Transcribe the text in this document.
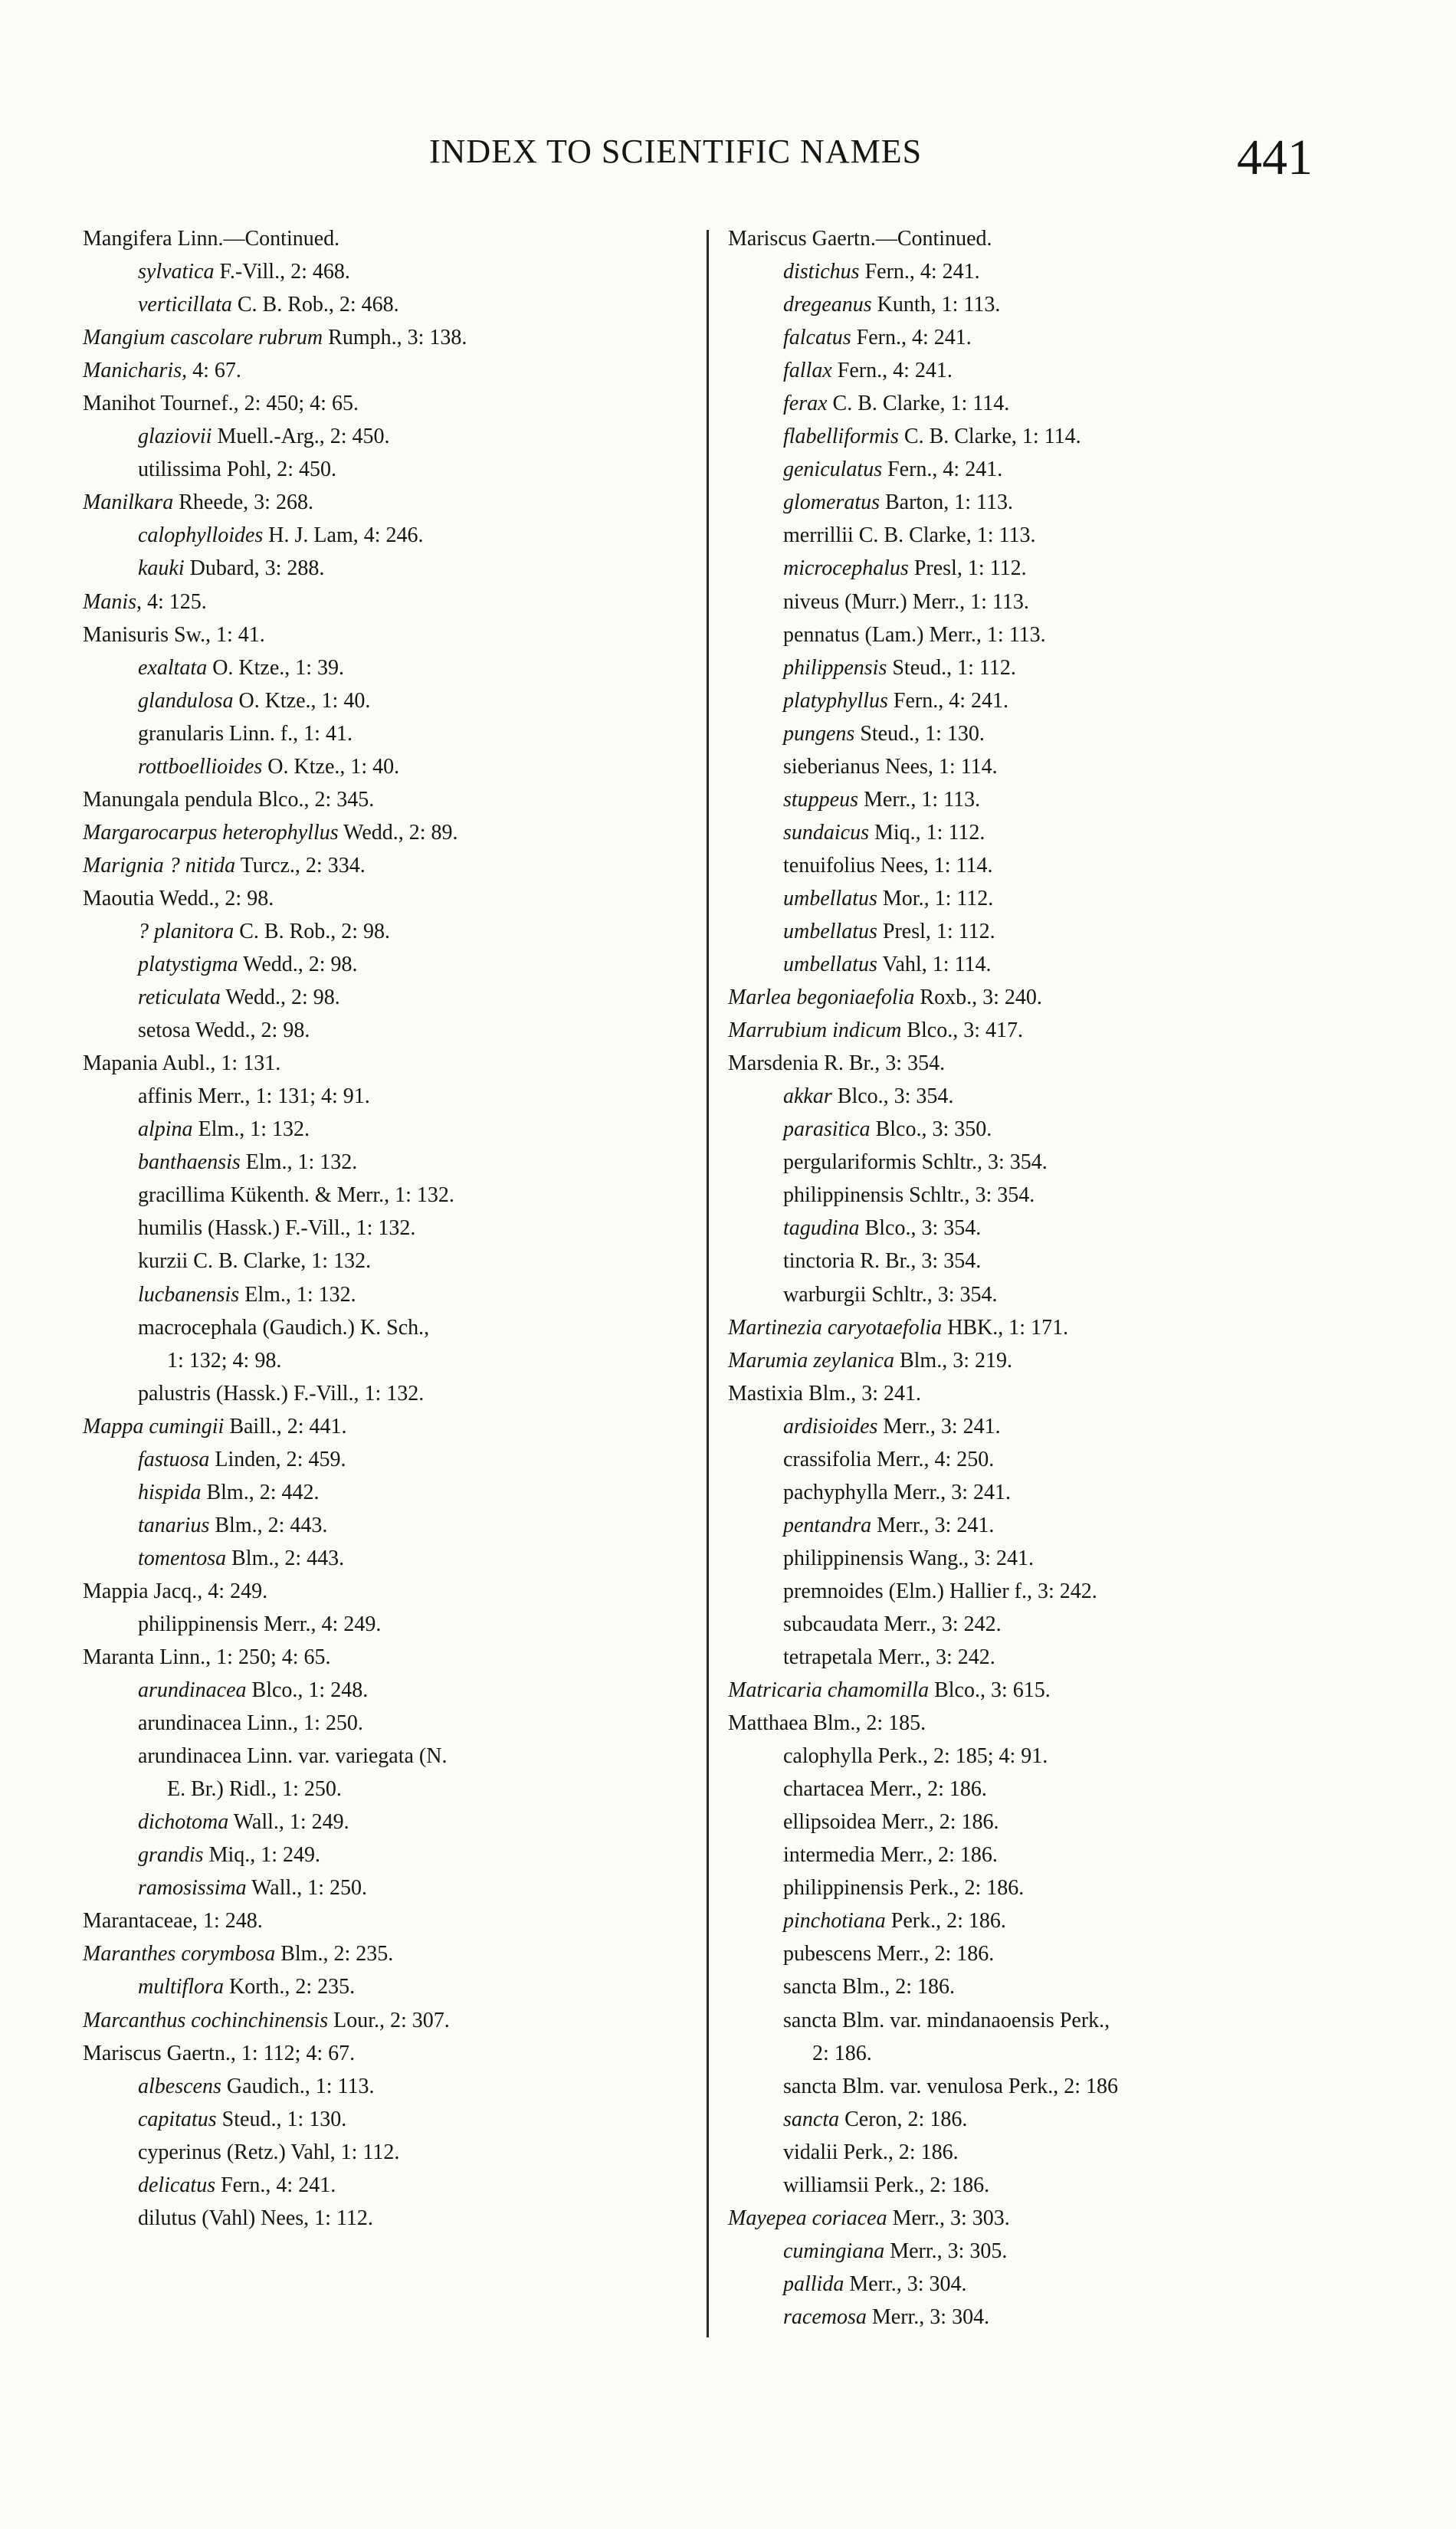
INDEX TO SCIENTIFIC NAMES	441
Mangifera Linn.—Continued.
sylvatica F.-Vill., 2: 468.
verticillata C. B. Rob., 2: 468.
Mangium cascolare rubrum Rumph., 3: 138.
Manicharis, 4: 67.
Manihot Tournef., 2: 450; 4: 65.
glaziovii Muell.-Arg., 2: 450.
utilissima Pohl, 2: 450.
Manilkara Rheede, 3: 268.
calophylloides H. J. Lam, 4: 246.
kauki Dubard, 3: 288.
Manis, 4: 125.
Manisuris Sw., 1: 41.
exaltata O. Ktze., 1: 39.
glandulosa O. Ktze., 1: 40.
granularis Linn. f., 1: 41.
rottboellioides O. Ktze., 1: 40.
Manungala pendula Blco., 2: 345.
Margarocarpus heterophyllus Wedd., 2: 89.
Marignia ? nitida Turcz., 2: 334.
Maoutia Wedd., 2: 98.
? planitora C. B. Rob., 2: 98.
platystigma Wedd., 2: 98.
reticulata Wedd., 2: 98.
setosa Wedd., 2: 98.
Mapania Aubl., 1: 131.
affinis Merr., 1: 131; 4: 91.
alpina Elm., 1: 132.
banthaensis Elm., 1: 132.
gracillima Kükenth. & Merr., 1: 132.
humilis (Hassk.) F.-Vill., 1: 132.
kurzii C. B. Clarke, 1: 132.
lucbanensis Elm., 1: 132.
macrocephala (Gaudich.) K. Sch.,
1: 132; 4: 98.
palustris (Hassk.) F.-Vill., 1: 132.
Mappa cumingii Baill., 2: 441.
fastuosa Linden, 2: 459.
hispida Blm., 2: 442.
tanarius Blm., 2: 443.
tomentosa Blm., 2: 443.
Mappia Jacq., 4: 249.
philippinensis Merr., 4: 249.
Maranta Linn., 1: 250; 4: 65.
arundinacea Blco., 1: 248.
arundinacea Linn., 1: 250.
arundinacea Linn. var. variegata (N.
E. Br.) Ridl., 1: 250.
dichotoma Wall., 1: 249.
grandis Miq., 1: 249.
ramosissima Wall., 1: 250.
Marantaceae, 1: 248.
Maranthes corymbosa Blm., 2: 235.
multiflora Korth., 2: 235.
Marcanthus cochinchinensis Lour., 2: 307.
Mariscus Gaertn., 1: 112; 4: 67.
albescens Gaudich., 1: 113.
capitatus Steud., 1: 130.
cyperinus (Retz.) Vahl, 1: 112.
delicatus Fern., 4: 241.
dilutus (Vahl) Nees, 1: 112.
Mariscus Gaertn.—Continued.
distichus Fern., 4: 241.
dregeanus Kunth, 1: 113.
falcatus Fern., 4: 241.
fallax Fern., 4: 241.
ferax C. B. Clarke, 1: 114.
flabelliformis C. B. Clarke, 1: 114.
geniculatus Fern., 4: 241.
glomeratus Barton, 1: 113.
merrillii C. B. Clarke, 1: 113.
microcephalus Presl, 1: 112.
niveus (Murr.) Merr., 1: 113.
pennatus (Lam.) Merr., 1: 113.
philippensis Steud., 1: 112.
platyphyllus Fern., 4: 241.
pungens Steud., 1: 130.
sieberianus Nees, 1: 114.
stuppeus Merr., 1: 113.
sundaicus Miq., 1: 112.
tenuifolius Nees, 1: 114.
umbellatus Mor., 1: 112.
umbellatus Presl, 1: 112.
umbellatus Vahl, 1: 114.
Marlea begoniaefolia Roxb., 3: 240.
Marrubium indicum Blco., 3: 417.
Marsdenia R. Br., 3: 354.
akkar Blco., 3: 354.
parasitica Blco., 3: 350.
pergulariformis Schltr., 3: 354.
philippinensis Schltr., 3: 354.
tagudina Blco., 3: 354.
tinctoria R. Br., 3: 354.
warburgii Schltr., 3: 354.
Martinezia caryotaefolia HBK., 1: 171.
Marumia zeylanica Blm., 3: 219.
Mastixia Blm., 3: 241.
ardisioides Merr., 3: 241.
crassifolia Merr., 4: 250.
pachyphylla Merr., 3: 241.
pentandra Merr., 3: 241.
philippinensis Wang., 3: 241.
premnoides (Elm.) Hallier f., 3: 242.
subcaudata Merr., 3: 242.
tetrapetala Merr., 3: 242.
Matricaria chamomilla Blco., 3: 615.
Matthaea Blm., 2: 185.
calophylla Perk., 2: 185; 4: 91.
chartacea Merr., 2: 186.
ellipsoidea Merr., 2: 186.
intermedia Merr., 2: 186.
philippinensis Perk., 2: 186.
pinchotiana Perk., 2: 186.
pubescens Merr., 2: 186.
sancta Blm., 2: 186.
sancta Blm. var. mindanaoensis Perk.,
2: 186.
sancta Blm. var. venulosa Perk., 2: 186
sancta Ceron, 2: 186.
vidalii Perk., 2: 186.
williamsii Perk., 2: 186.
Mayepea coriacea Merr., 3: 303.
cumingiana Merr., 3: 305.
pallida Merr., 3: 304.
racemosa Merr., 3: 304.
